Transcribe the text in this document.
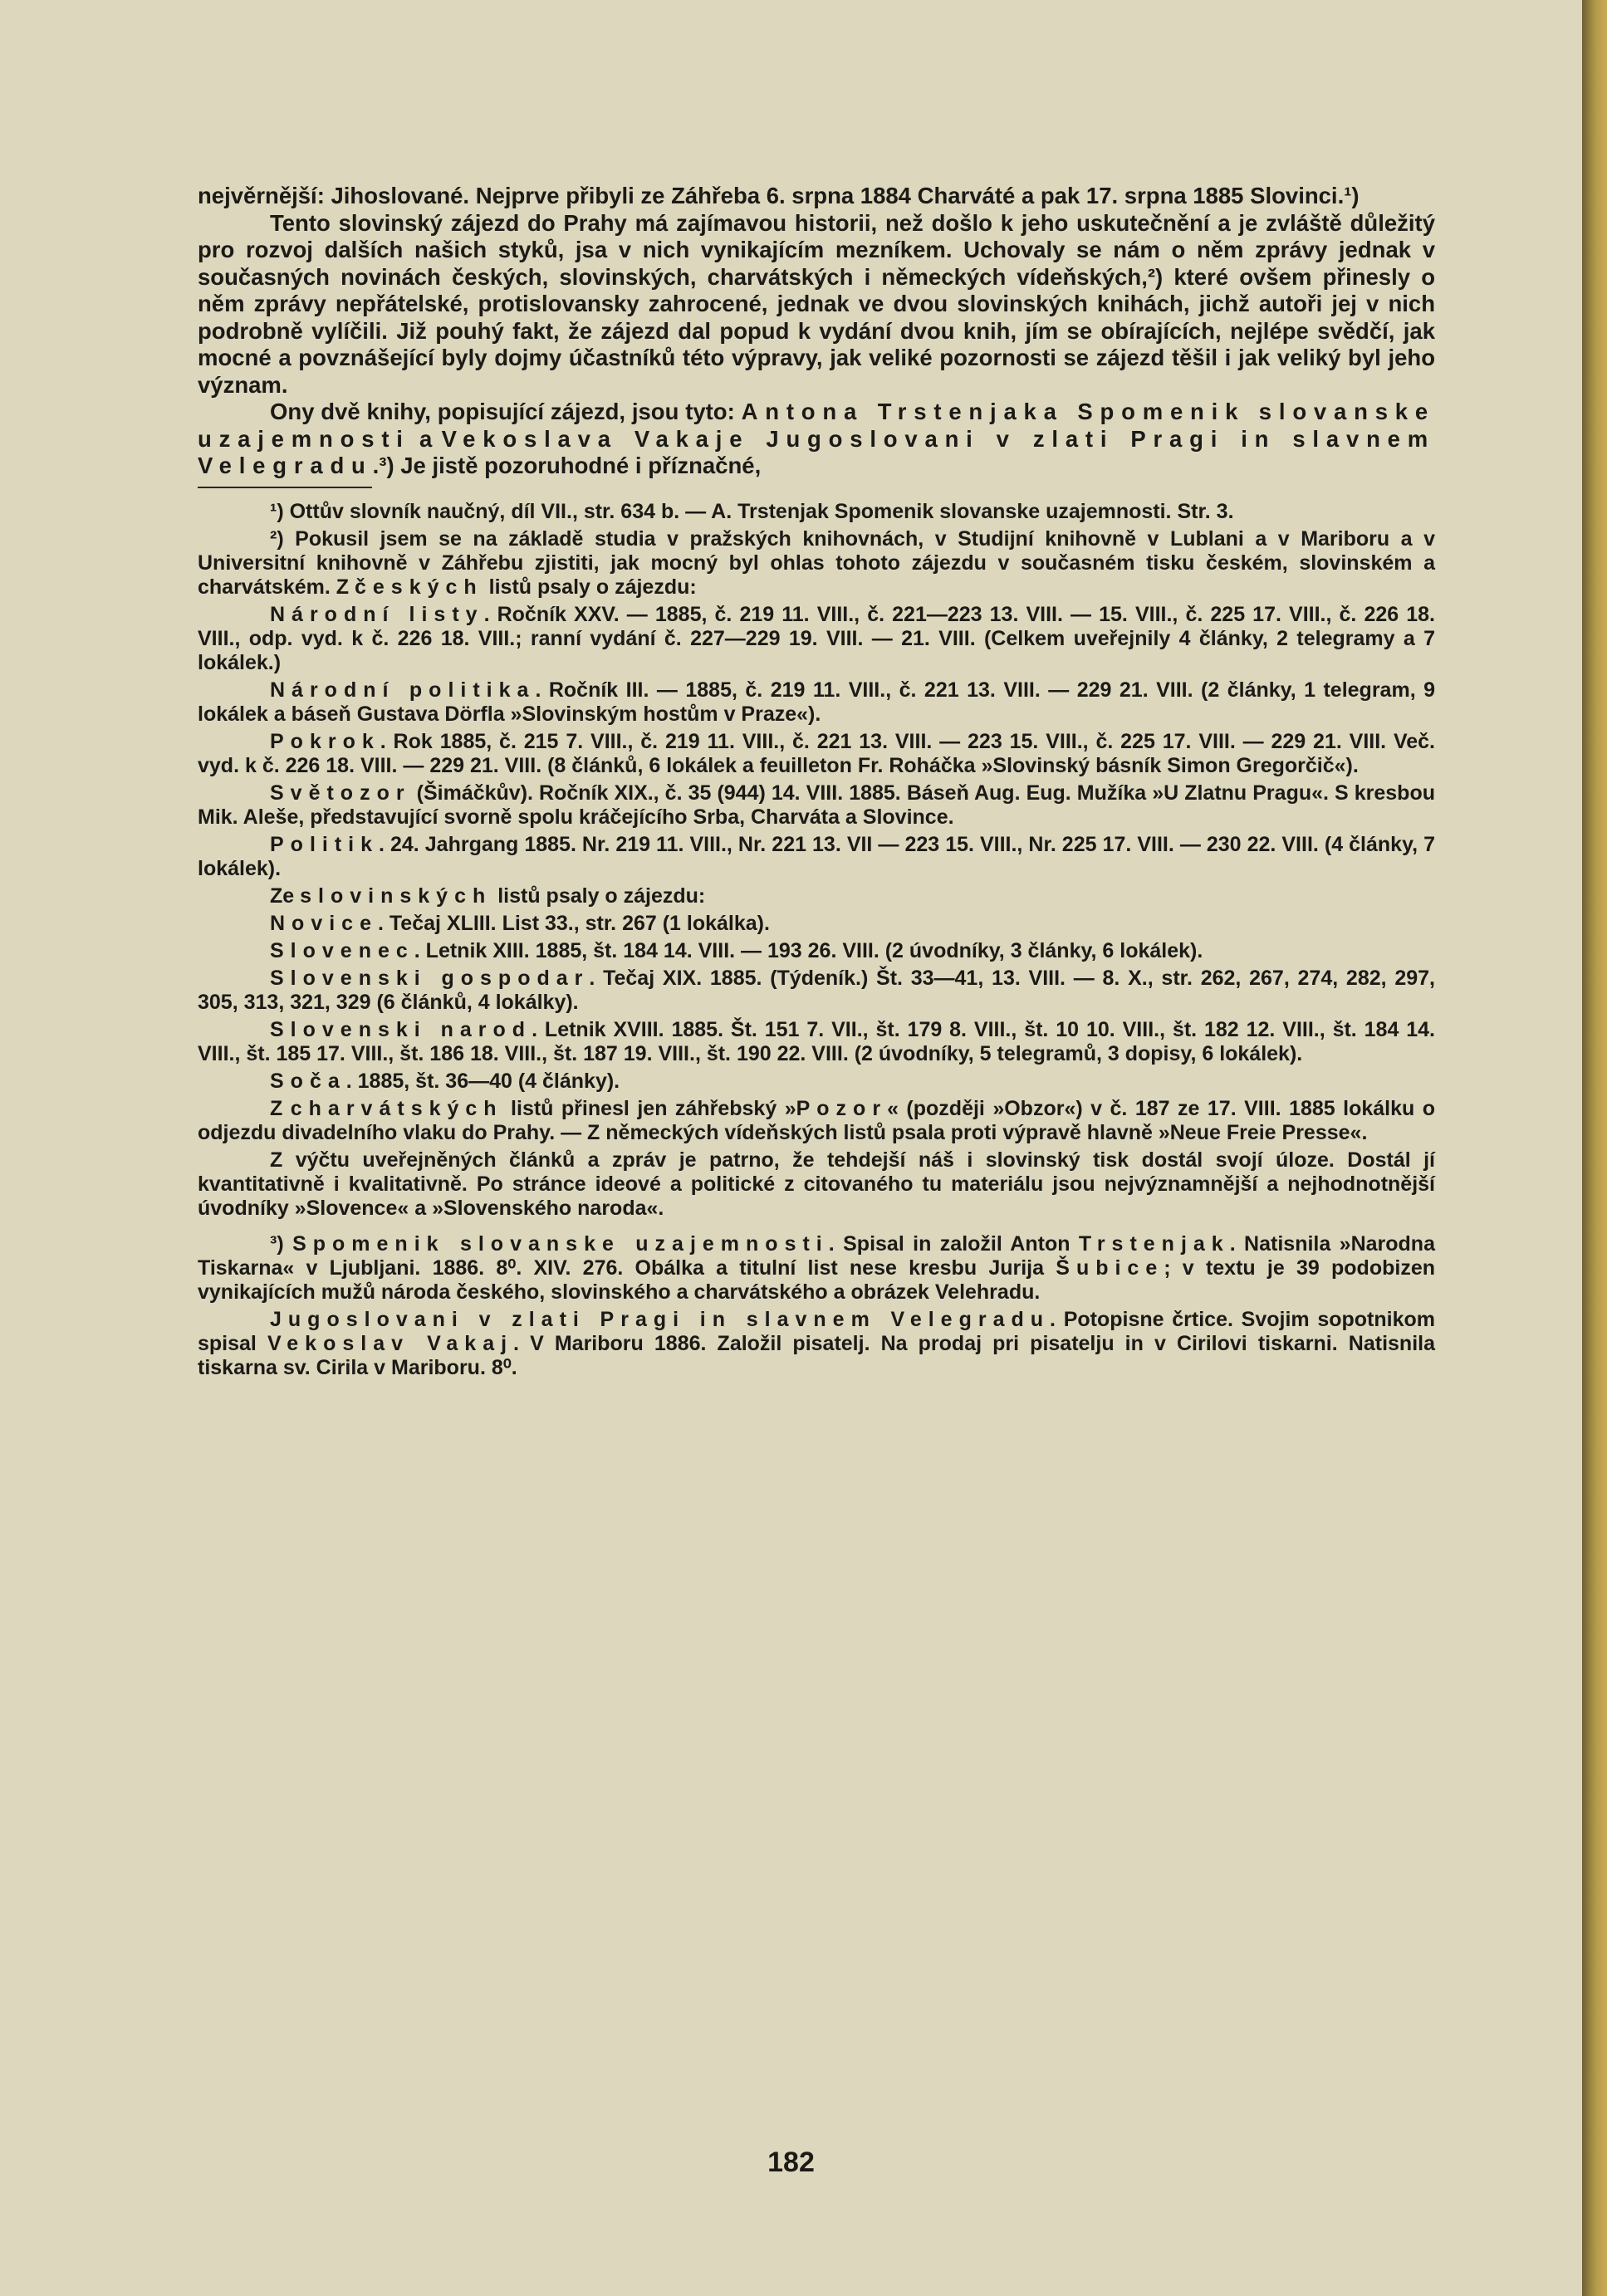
nejvěrnější: Jihoslované. Nejprve přibyli ze Záhřeba 6. srpna 1884 Charváté a pak 17. srpna 1885 Slovinci.¹)

Tento slovinský zájezd do Prahy má zajímavou historii, než došlo k jeho uskutečnění a je zvláště důležitý pro rozvoj dalších našich styků, jsa v nich vynikajícím mezníkem. Uchovaly se nám o něm zprávy jednak v současných novinách českých, slovinských, charvátských i německých vídeňských,²) které ovšem přinesly o něm zprávy nepřátelské, protislovansky zahrocené, jednak ve dvou slovinských knihách, jichž autoři jej v nich podrobně vylíčili. Již pouhý fakt, že zájezd dal popud k vydání dvou knih, jím se obírajících, nejlépe svědčí, jak mocné a povznášející byly dojmy účastníků této výpravy, jak veliké pozornosti se zájezd těšil i jak veliký byl jeho význam.

Ony dvě knihy, popisující zájezd, jsou tyto: Antona Trstenjaka Spomenik slovanske uzajemnosti a Vekoslava Vakaje Jugoslovani v zlati Pragi in slavnem Velegradu.³) Je jistě pozoruhodné i příznačné,

¹) Ottův slovník naučný, díl VII., str. 634 b. — A. Trstenjak Spomenik slovanske uzajemnosti. Str. 3.

²) Pokusil jsem se na základě studia v pražských knihovnách, v Studijní knihovně v Lublani a v Mariboru a v Universitní knihovně v Záhřebu zjistiti, jak mocný byl ohlas tohoto zájezdu v současném tisku českém, slovinském a charvátském. Z českých listů psaly o zájezdu:

Národní listy. Ročník XXV. — 1885, č. 219 11. VIII., č. 221—223 13. VIII. — 15. VIII., č. 225 17. VIII., č. 226 18. VIII., odp. vyd. k č. 226 18. VIII.; ranní vydání č. 227—229 19. VIII. — 21. VIII. (Celkem uveřejnily 4 články, 2 telegramy a 7 lokálek.)

Národní politika. Ročník III. — 1885, č. 219 11. VIII., č. 221 13. VIII. — 229 21. VIII. (2 články, 1 telegram, 9 lokálek a báseň Gustava Dörfla »Slovinským hostům v Praze«).

Pokrok. Rok 1885, č. 215 7. VIII., č. 219 11. VIII., č. 221 13. VIII. — 223 15. VIII., č. 225 17. VIII. — 229 21. VIII. Več. vyd. k č. 226 18. VIII. — 229 21. VIII. (8 článků, 6 lokálek a feuilleton Fr. Roháčka »Slovinský básník Simon Gregorčič«).

Světozor (Šimáčkův). Ročník XIX., č. 35 (944) 14. VIII. 1885. Báseň Aug. Eug. Mužíka »U Zlatnu Pragu«. S kresbou Mik. Aleše, představující svorně spolu kráčejícího Srba, Charváta a Slovince.

Politik. 24. Jahrgang 1885. Nr. 219 11. VIII., Nr. 221 13. VII — 223 15. VIII., Nr. 225 17. VIII. — 230 22. VIII. (4 články, 7 lokálek).

Ze slovinských listů psaly o zájezdu:

Novice. Tečaj XLIII. List 33., str. 267 (1 lokálka).

Slovenec. Letnik XIII. 1885, št. 184 14. VIII. — 193 26. VIII. (2 úvodníky, 3 články, 6 lokálek).

Slovenski gospodar. Tečaj XIX. 1885. (Týdeník.) Št. 33—41, 13. VIII. — 8. X., str. 262, 267, 274, 282, 297, 305, 313, 321, 329 (6 článků, 4 lokálky).

Slovenski narod. Letnik XVIII. 1885. Št. 151 7. VII., št. 179 8. VIII., št. 10 10. VIII., št. 182 12. VIII., št. 184 14. VIII., št. 185 17. VIII., št. 186 18. VIII., št. 187 19. VIII., št. 190 22. VIII. (2 úvodníky, 5 telegramů, 3 dopisy, 6 lokálek).

Soča. 1885, št. 36—40 (4 články).

Z charvátských listů přinesl jen záhřebský »Pozor« (později »Obzor«) v č. 187 ze 17. VIII. 1885 lokálku o odjezdu divadelního vlaku do Prahy. — Z německých vídeňských listů psala proti výpravě hlavně »Neue Freie Presse«.

Z výčtu uveřejněných článků a zpráv je patrno, že tehdejší náš i slovinský tisk dostál svojí úloze. Dostál jí kvantitativně i kvalitativně. Po stránce ideové a politické z citovaného tu materiálu jsou nejvýznamnější a nejhodnotnější úvodníky »Slovence« a »Slovenského naroda«.

³) Spomenik slovanske uzajemnosti. Spisal in založil Anton Trstenjak. Natisnila »Narodna Tiskarna« v Ljubljani. 1886. 8⁰. XIV. 276. Obálka a titulní list nese kresbu Jurija Šubice; v textu je 39 podobizen vynikajících mužů národa českého, slovinského a charvátského a obrázek Velehradu.

Jugoslovani v zlati Pragi in slavnem Velegradu. Potopisne črtice. Svojim sopotnikom spisal Vekoslav Vakaj. V Mariboru 1886. Založil pisatelj. Na prodaj pri pisatelju in v Cirilovi tiskarni. Natisnila tiskarna sv. Cirila v Mariboru. 8⁰.

182
